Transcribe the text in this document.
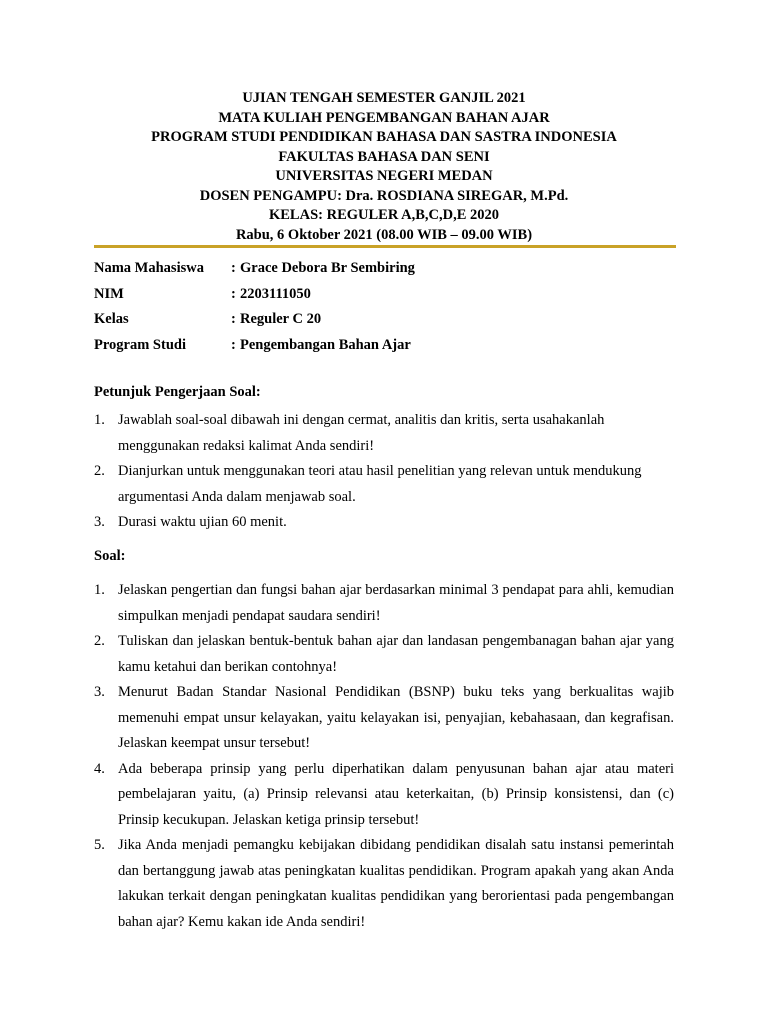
UJIAN TENGAH SEMESTER GANJIL 2021
MATA KULIAH PENGEMBANGAN BAHAN AJAR
PROGRAM STUDI PENDIDIKAN BAHASA DAN SASTRA INDONESIA
FAKULTAS BAHASA DAN SENI
UNIVERSITAS NEGERI MEDAN
DOSEN PENGAMPU: Dra. ROSDIANA SIREGAR, M.Pd.
KELAS: REGULER A,B,C,D,E 2020
Rabu, 6 Oktober 2021 (08.00 WIB – 09.00 WIB)
Nama Mahasiswa : Grace Debora Br Sembiring
NIM	: 2203111050
Kelas	: Reguler C 20
Program Studi	: Pengembangan Bahan Ajar
Petunjuk Pengerjaan Soal:
1. Jawablah soal-soal dibawah ini dengan cermat, analitis dan kritis, serta usahakanlah menggunakan redaksi kalimat Anda sendiri!
2. Dianjurkan untuk menggunakan teori atau hasil penelitian yang relevan untuk mendukung argumentasi Anda dalam menjawab soal.
3. Durasi waktu ujian 60 menit.
Soal:
1. Jelaskan pengertian dan fungsi bahan ajar berdasarkan minimal 3 pendapat para ahli, kemudian simpulkan menjadi pendapat saudara sendiri!
2. Tuliskan dan jelaskan bentuk-bentuk bahan ajar dan landasan pengembanagan bahan ajar yang kamu ketahui dan berikan contohnya!
3. Menurut Badan Standar Nasional Pendidikan (BSNP) buku teks yang berkualitas wajib memenuhi empat unsur kelayakan, yaitu kelayakan isi, penyajian, kebahasaan, dan kegrafisan. Jelaskan keempat unsur tersebut!
4. Ada beberapa prinsip yang perlu diperhatikan dalam penyusunan bahan ajar atau materi pembelajaran yaitu, (a) Prinsip relevansi atau keterkaitan, (b) Prinsip konsistensi, dan (c) Prinsip kecukupan. Jelaskan ketiga prinsip tersebut!
5. Jika Anda menjadi pemangku kebijakan dibidang pendidikan disalah satu instansi pemerintah dan bertanggung jawab atas peningkatan kualitas pendidikan. Program apakah yang akan Anda lakukan terkait dengan peningkatan kualitas pendidikan yang berorientasi pada pengembangan bahan ajar? Kemu kakan ide Anda sendiri!
